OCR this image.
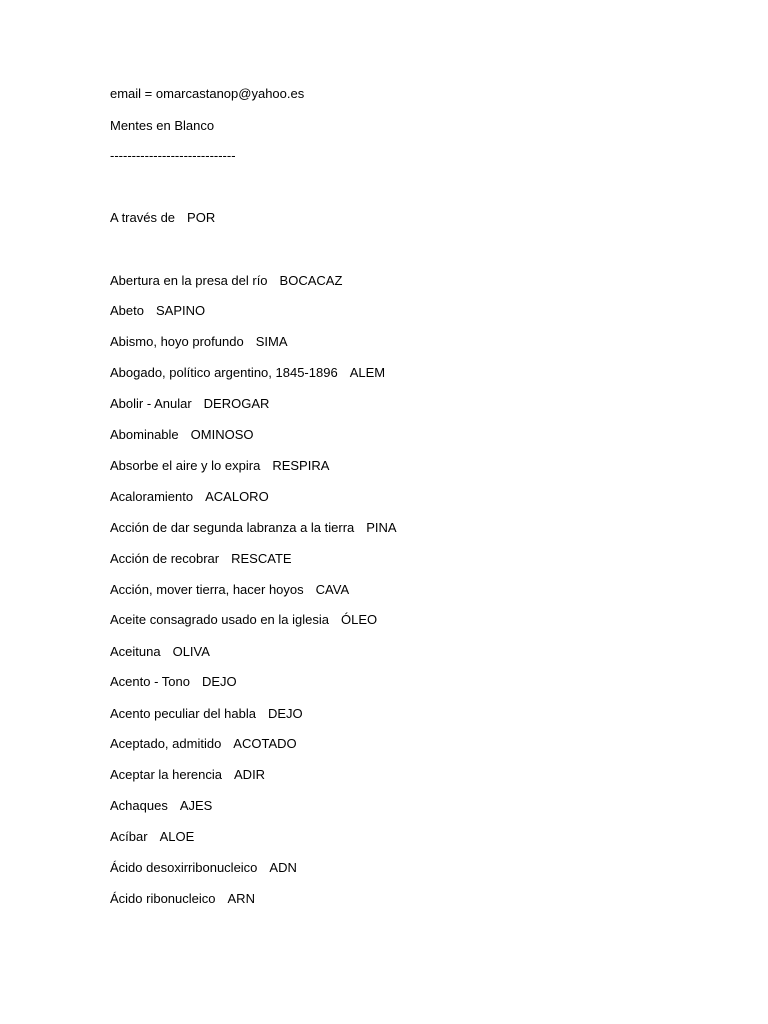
email = omarcastanop@yahoo.es
Mentes en Blanco
-----------------------------
A través de POR
Abertura en la presa del río BOCACAZ
Abeto SAPINO
Abismo, hoyo profundo SIMA
Abogado, político argentino, 1845-1896 ALEM
Abolir - Anular DEROGAR
Abominable OMINOSO
Absorbe el aire y lo expira RESPIRA
Acaloramiento ACALORO
Acción de dar segunda labranza a la tierra PINA
Acción de recobrar RESCATE
Acción, mover tierra, hacer hoyos CAVA
Aceite consagrado usado en la iglesia ÓLEO
Aceituna OLIVA
Acento - Tono DEJO
Acento peculiar del habla DEJO
Aceptado, admitido ACOTADO
Aceptar la herencia ADIR
Achaques AJES
Acíbar ALOE
Ácido desoxirribonucleico ADN
Ácido ribonucleico ARN
